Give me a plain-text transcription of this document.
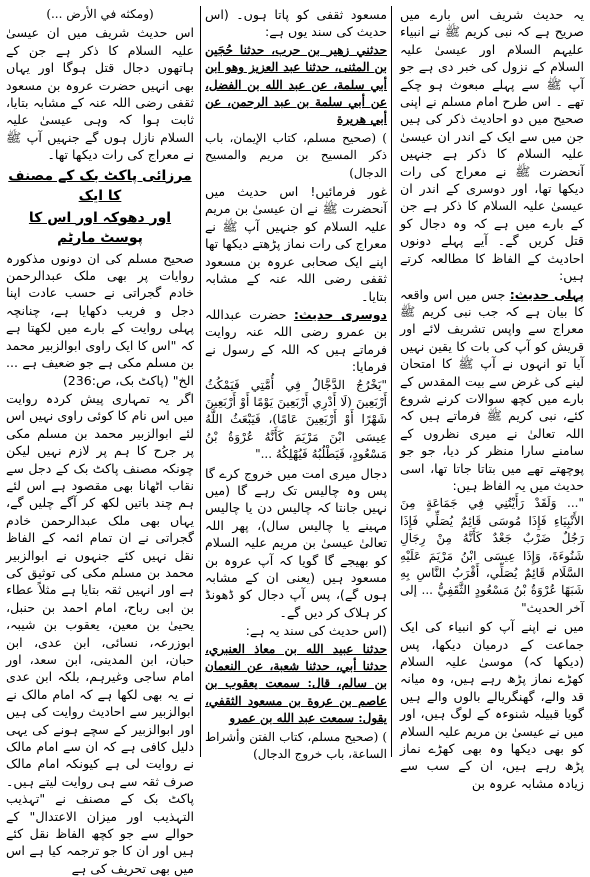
یہ حدیث شریف اس بارے میں صریح ہے کہ نبی کریم ﷺ نے انبیاء علیہم السلام اور عیسیٰ علیہ السلام کے نزول کی خبر دی ہے جو آپ ﷺ سے پہلے مبعوث ہو چکے تھے ۔ اس طرح امام مسلم نے اپنی صحیح میں دو احادیث ذکر کی ہیں جن میں سے ایک کے اندر ان عیسیٰ علیہ السلام کا ذکر ہے جنہیں آنحضرت ﷺ نے معراج کی رات دیکھا تھا، اور دوسری کے اندر ان عیسیٰ علیہ السلام کا ذکر ہے جن کے بارے میں ہے کہ وہ دجال کو قتل کریں گے۔ آیے پہلے دونوں احادیث کے الفاظ کا مطالعہ کرتے ہیں:
پہلی حدیث: جس میں اس واقعہ کا بیان ہے کہ جب نبی کریم ﷺ معراج سے واپس تشریف لائے اور قریش کو آپ کی بات کا یقین نہیں آیا تو انہوں نے آپ ﷺ کا امتحان لینے کی غرض سے بیت المقدس کے بارے میں کچھ سوالات کرنے شروع کئے، نبی کریم ﷺ فرماتے ہیں کہ اللہ تعالیٰ نے میری نظروں کے سامنے سارا منظر کر دیا، جو جو پوچھتے تھے میں بتاتا جاتا تھا، اسی حدیث میں یہ الفاظ ہیں:
"... وَلَقَدْ رَأَيْتُنِي فِي جَمَاعَةٍ مِنَ الأَنْبِيَاءِ فَإِذَا مُوسَى قَائِمٌ يُصَلِّي فَإِذَا رَجُلٌ ضَرْبٌ جَعْدٌ كَأَنَّهُ مِنْ رِجَالِ شَنُوءَةَ، وَإِذَا عِيسَى ابْنُ مَرْيَمَ عَلَيْهِ السَّلَام قَائِمٌ يُصَلِّي، أَقْرَبُ النَّاسِ بِهِ شَبَهًا عُرْوَةُ بْنُ مَسْعُودٍ الثَّقَفِيُّ ... إلى آخر الحديث"
میں نے اپنے آپ کو انبیاء کی ایک جماعت کے درمیان دیکھا، پس (دیکھا کہ) موسیٰ علیہ السلام کھڑے نماز پڑھ رہے ہیں، وہ میانہ قد والے، گھنگریالے بالوں والے ہیں گویا قبیلہ شنوءہ کے لوگ ہیں، اور میں نے عیسیٰ بن مریم علیہ السلام کو بھی دیکھا وہ بھی کھڑے نماز پڑھ رہے ہیں، ان کے سب سے زیادہ مشابہ عروہ بن
مسعود ثقفی کو پاتا ہوں۔ (اس حدیث کی سند یوں ہے:
حدثني زهير بن حرب، حدثنا حُجَين بن المثنى، حدثنا عبد العزيز وهو ابن أبي سلمة، عن عبد الله بن الفضل، عن أبي سلمة بن عبد الرحمن، عن أبي هريرة
) (صحيح مسلم، كتاب الإيمان، باب ذكر المسيح بن مريم والمسيح الدجال)
غور فرمائیں! اس حدیث میں آنحضرت ﷺ نے ان عیسیٰ بن مریم علیہ السلام کو جنہیں آپ ﷺ نے معراج کی رات نماز پڑھتے دیکھا تھا اپنے ایک صحابی عروہ بن مسعود ثقفی رضی اللہ عنہ کے مشابہ بتایا۔
دوسری حدیث: حضرت عبداللہ بن عمرو رضی اللہ عنہ روایت فرماتے ہیں کہ اللہ کے رسول نے فرمایا:
"يَخْرُجُ الدَّجَّالُ فِي أُمَّتِي فَيَمْكُثُ أَرْبَعِينَ (لَا أَدْرِي أَرْبَعِينَ يَوْمًا أَوْ أَرْبَعِينَ شَهْرًا أَوْ أَرْبَعِينَ عَامًا)، فَيَبْعَثُ اللَّهُ عِيسَى ابْنَ مَرْيَمَ كَأَنَّهُ عُرْوَةُ بْنُ مَسْعُودٍ، فَيَطْلُبُهُ فَيُهْلِكُهُ ..."
دجال میری امت میں خروج کرے گا پس وہ چالیس تک رہے گا (میں نہیں جانتا کہ چالیس دن یا چالیس مہینے یا چالیس سال)، پھر اللہ تعالیٰ عیسیٰ بن مریم علیہ السلام کو بھیجے گا گویا کہ آپ عروہ بن مسعود ہیں (یعنی ان کے مشابہ ہوں گے)، پس آپ دجال کو ڈھونڈ کر ہلاک کر دیں گے۔
(اس حدیث کی سند یہ ہے:
حدثنا عبيد الله بن معاذ العنبري، حدثنا أبي، حدثنا شعبة، عن النعمان بن سالم، قال: سمعت يعقوب بن عاصم بن عروة بن مسعود الثقفي، يقول: سمعت عبد الله بن عمرو
) (صحيح مسلم، كتاب الفتن وأشراط الساعة، باب خروج الدجال)
(ومكثه في الأرض ...)
اس حدیث شریف میں ان عیسیٰ علیہ السلام کا ذکر ہے جن کے ہاتھوں دجال قتل ہوگا اور یہاں بھی انہیں حضرت عروہ بن مسعود ثقفی رضی اللہ عنہ کے مشابہ بتایا، ثابت ہوا کہ وہی عیسیٰ علیہ السلام نازل ہوں گے جنہیں آپ ﷺ نے معراج کی رات دیکھا تھا۔
مرزائی پاکٹ بک کے مصنف کا ایک
اور دھوکہ اور اس کا پوسٹ مارٹم
صحیح مسلم کی ان دونوں مذکورہ روایات پر بھی ملک عبدالرحمن خادم گجراتی نے حسب عادت اپنا دجل و فریب دکھایا ہے، چنانچہ پہلی روایت کے بارے میں لکھتا ہے کہ "اس کا ایک راوی ابوالزبیر محمد بن مسلم مکی ہے جو ضعیف ہے ... الخ" (پاکٹ بک، ص:236)
اگر یہ تمہاری پیش کردہ روایت میں اس نام کا کوئی راوی نہیں اس لئے ابوالزبیر محمد بن مسلم مکی پر جرح کا ہم پر لازم نہیں لیکن چونکہ مصنف پاکٹ بک کے دجل سے نقاب اٹھانا بھی مقصود ہے اس لئے ہم چند باتیں لکھ کر آگے چلیں گے، یہاں بھی ملک عبدالرحمن خادم گجراتی نے ان تمام ائمہ کے الفاظ نقل نہیں کئے جنہوں نے ابوالزبیر محمد بن مسلم مکی کی توثیق کی ہے اور انہیں ثقہ بتایا ہے مثلاً عطاء بن ابی رباح، امام احمد بن حنبل، یحییٰ بن معین، یعقوب بن شیبہ، ابوزرعہ، نسائی، ابن عدی، ابن حبان، ابن المدینی، ابن سعد، اور امام ساجی وغیرہم، بلکہ ابن عدی نے یہ بھی لکھا ہے کہ امام مالک نے ابوالزبیر سے احادیث روایت کی ہیں اور ابوالزبیر کے سچے ہونے کی یہی دلیل کافی ہے کہ ان سے امام مالک نے روایت لی ہے کیونکہ امام مالک صرف ثقہ سے ہی روایت لیتے ہیں۔ پاکٹ بک کے مصنف نے "تہذیب التہذیب اور میزان الاعتدال" کے حوالے سے جو کچھ الفاظ نقل کئے ہیں اور ان کا جو ترجمہ کیا ہے اس میں بھی تحریف کی ہے
